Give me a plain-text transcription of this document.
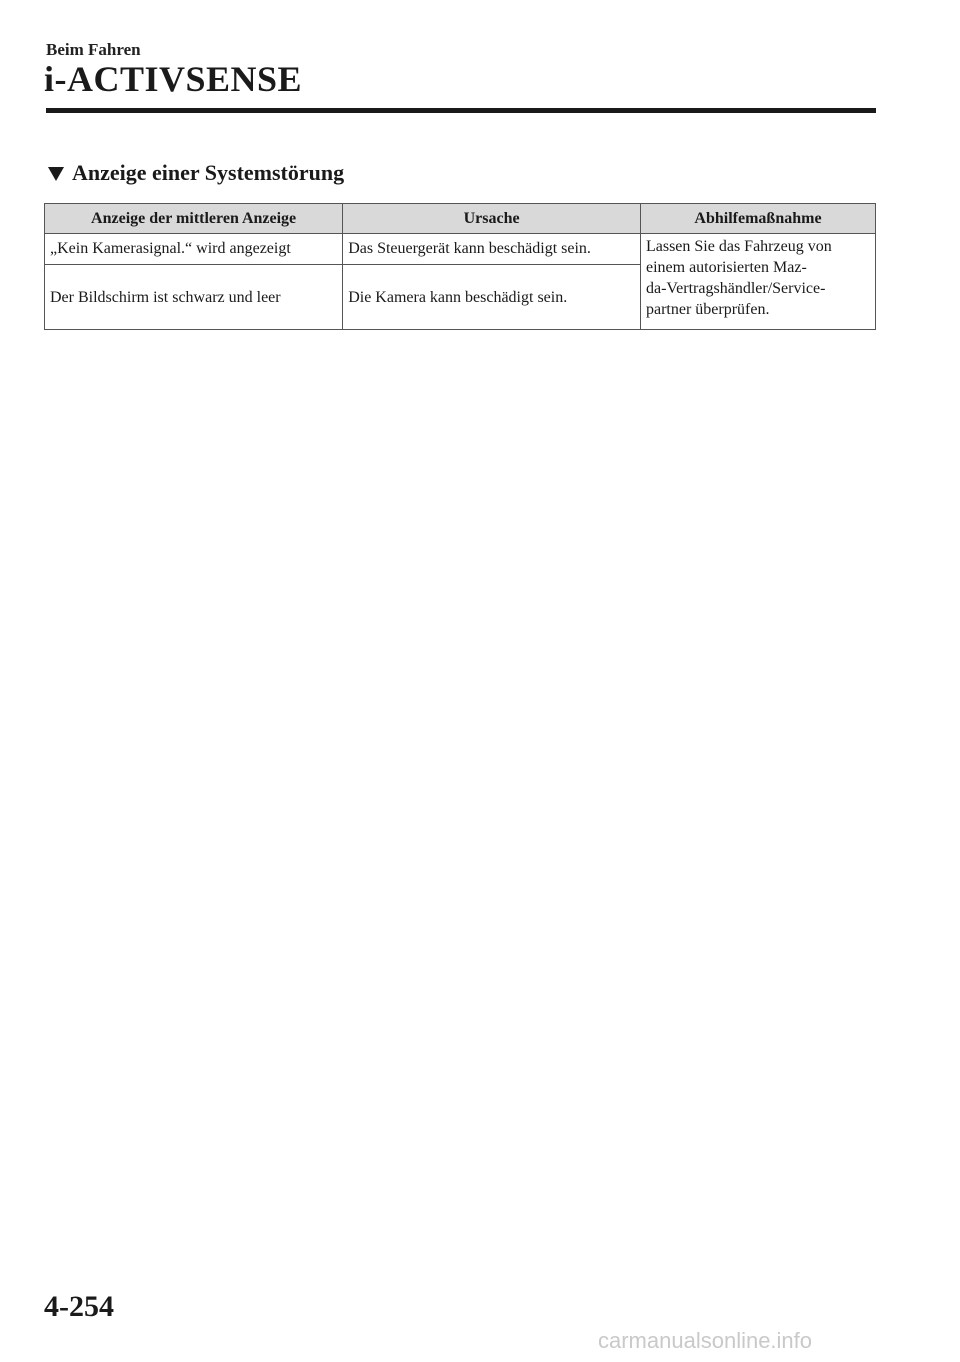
Beim Fahren
i-ACTIVSENSE
Anzeige einer Systemstörung
Anzeige der mittleren Anzeige	Ursache	Abhilfemaßnahme
„Kein Kamerasignal.“ wird angezeigt	Das Steuergerät kann beschädigt sein.	Lassen Sie das Fahrzeug von
einem autorisierten Maz-
da-Vertragshändler/Service-
partner überprüfen.

Der Bildschirm ist schwarz und leer	Die Kamera kann beschädigt sein.	
4-254
carmanualsonline.info
